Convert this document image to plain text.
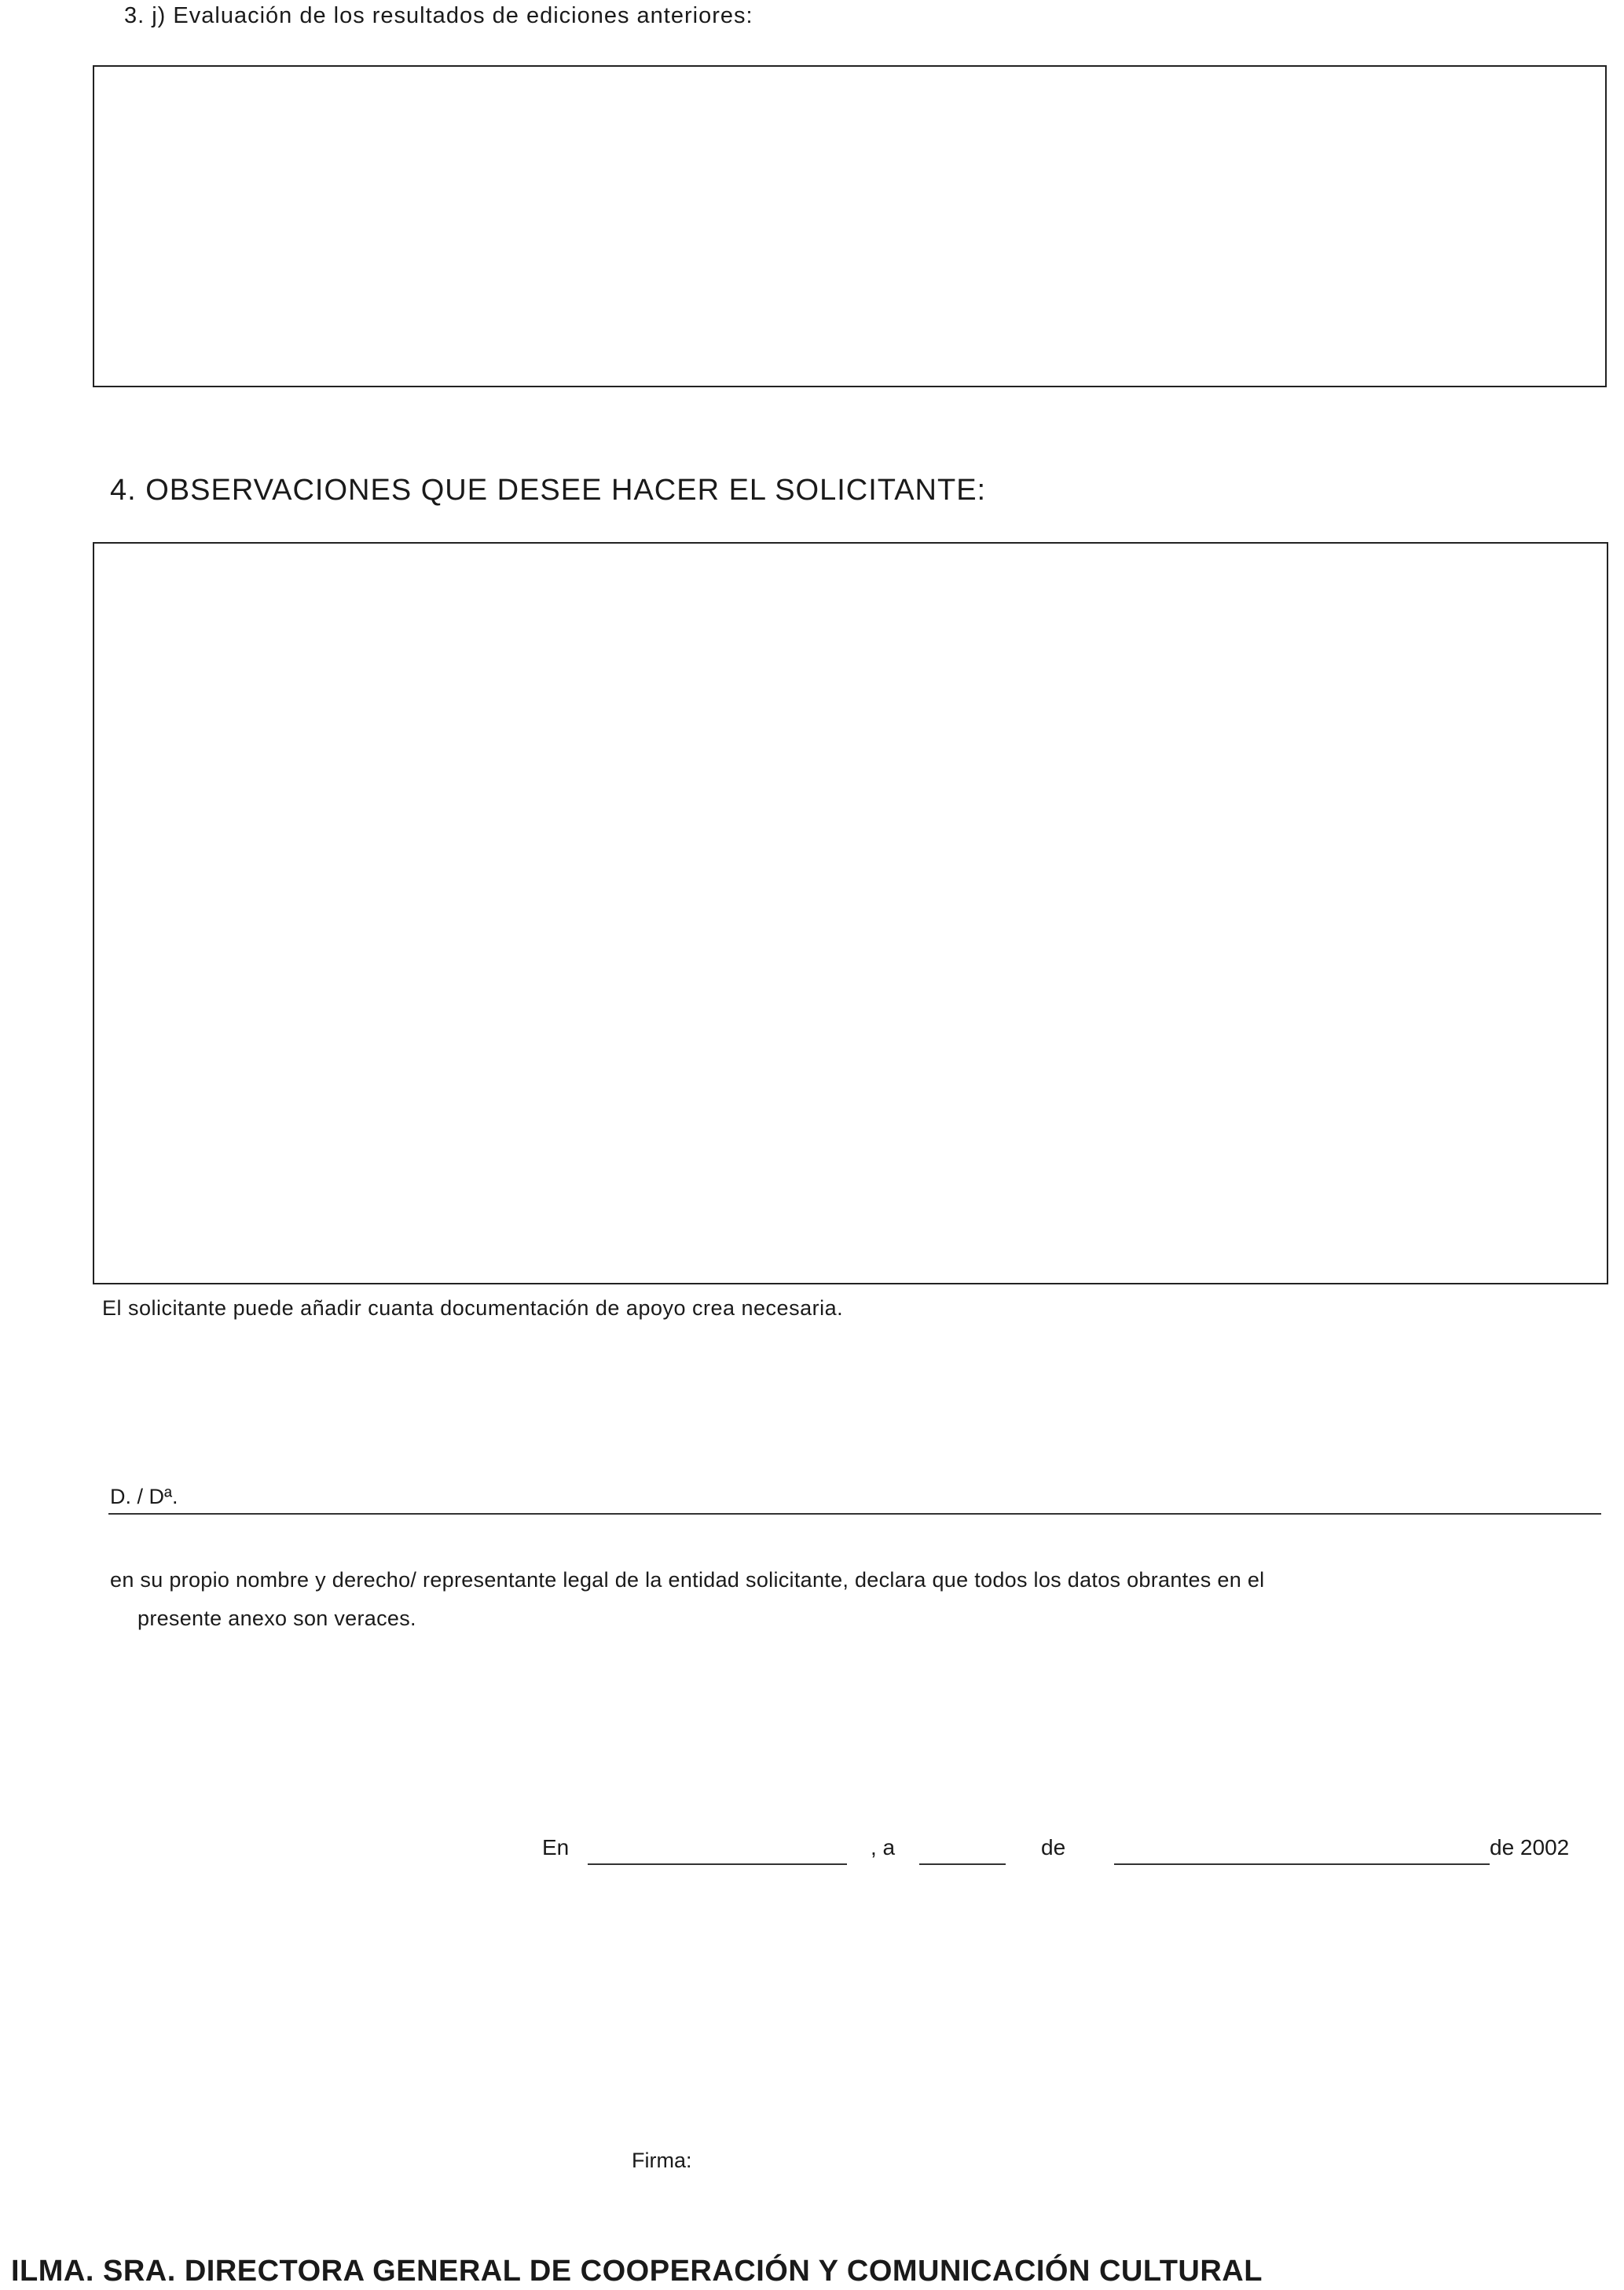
3. j) Evaluación de los resultados de ediciones anteriores:
4. OBSERVACIONES QUE DESEE HACER EL SOLICITANTE:
El solicitante puede añadir cuanta documentación de apoyo crea necesaria.
D. / Dª.
en su propio nombre y derecho/ representante legal de la entidad solicitante, declara que todos los datos obrantes en el
presente anexo son veraces.
En	, a	de	de 2002
Firma:
ILMA. SRA. DIRECTORA GENERAL DE COOPERACIÓN Y COMUNICACIÓN CULTURAL
